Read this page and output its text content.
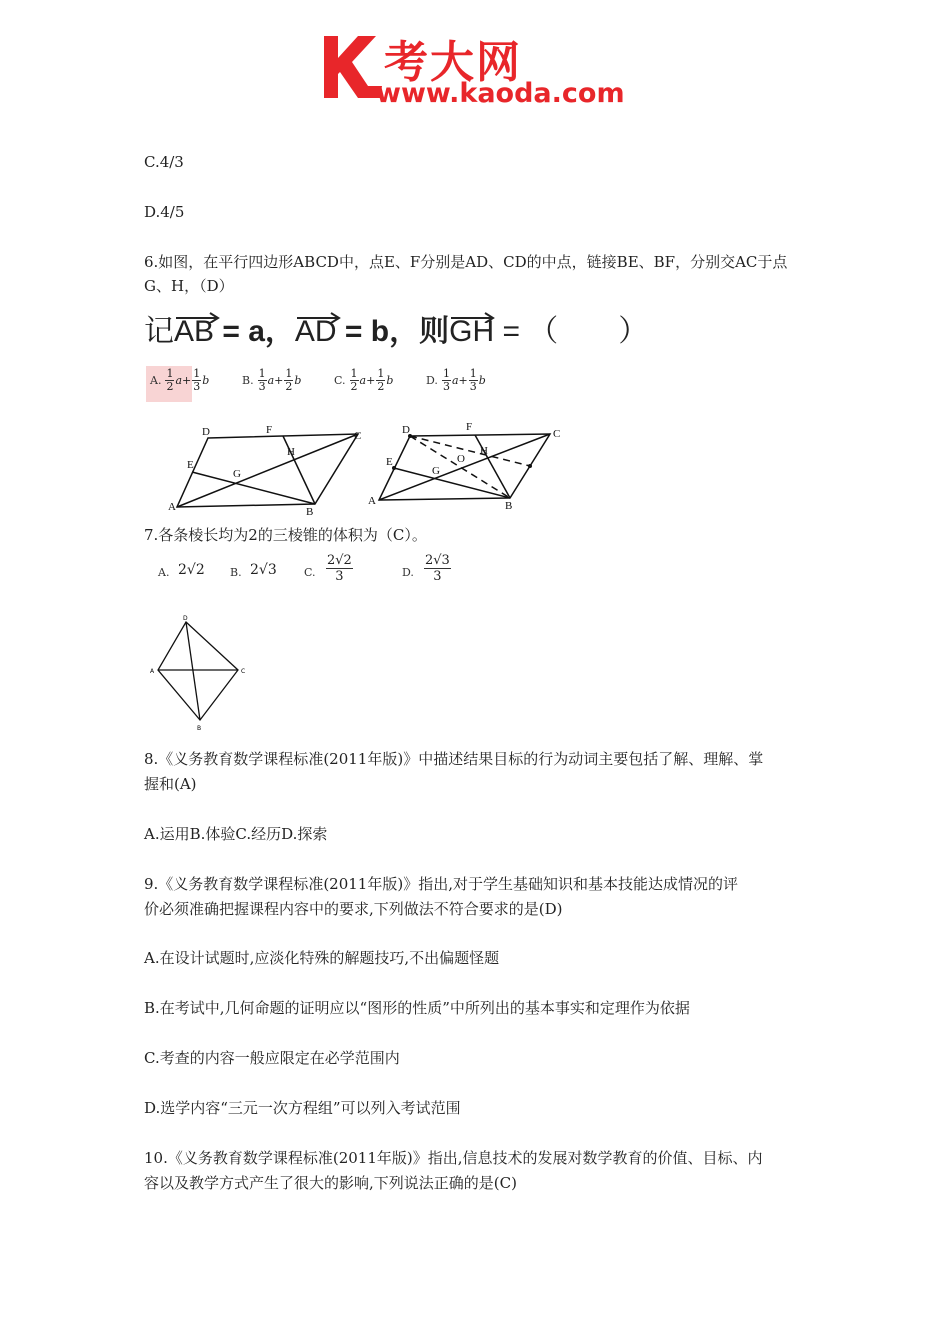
考大网
www.kaoda.com
C.4/3
D.4/5
6.如图，在平行四边形ABCD中，点E、F分别是AD、CD的中点，链接BE、BF，分别交AC于点
G、H，（D）
记
AB = a，
AD = b，则
GH = （　　）
A. $\frac{1}{2} a+ \frac{1}{3}$ b	B. $\frac{1}{3} a+ \frac{1}{2}$ b	C. $\frac{1}{2} a+ \frac{1}{2}$ b	D. $\frac{1}{3} a+ \frac{1}{3}$ b
D	F	C
E
H
G
A	B
D	F
C
E
H
O
G
A	B
7.各条棱长均为2的三棱锥的体积为（C）。
A. 2√2 B. 2√3 C. $\frac{2√2}{3}$	D. $\frac{2√3}{3}$
D
A	C
B
8.《义务教育数学课程标准(2011年版)》中描述结果目标的行为动词主要包括了解、理解、掌
握和(A)
A.运用B.体验C.经历D.探索
9.《义务教育数学课程标准(2011年版)》指出,对于学生基础知识和基本技能达成情况的评
价必须准确把握课程内容中的要求,下列做法不符合要求的是(D)
A.在设计试题时,应淡化特殊的解题技巧,不出偏题怪题
B.在考试中,几何命题的证明应以“图形的性质”中所列出的基本事实和定理作为依据
C.考查的内容一般应限定在必学范围内
D.选学内容“三元一次方程组”可以列入考试范围
10.《义务教育数学课程标准(2011年版)》指出,信息技术的发展对数学教育的价值、目标、内
容以及教学方式产生了很大的影响,下列说法正确的是(C)
